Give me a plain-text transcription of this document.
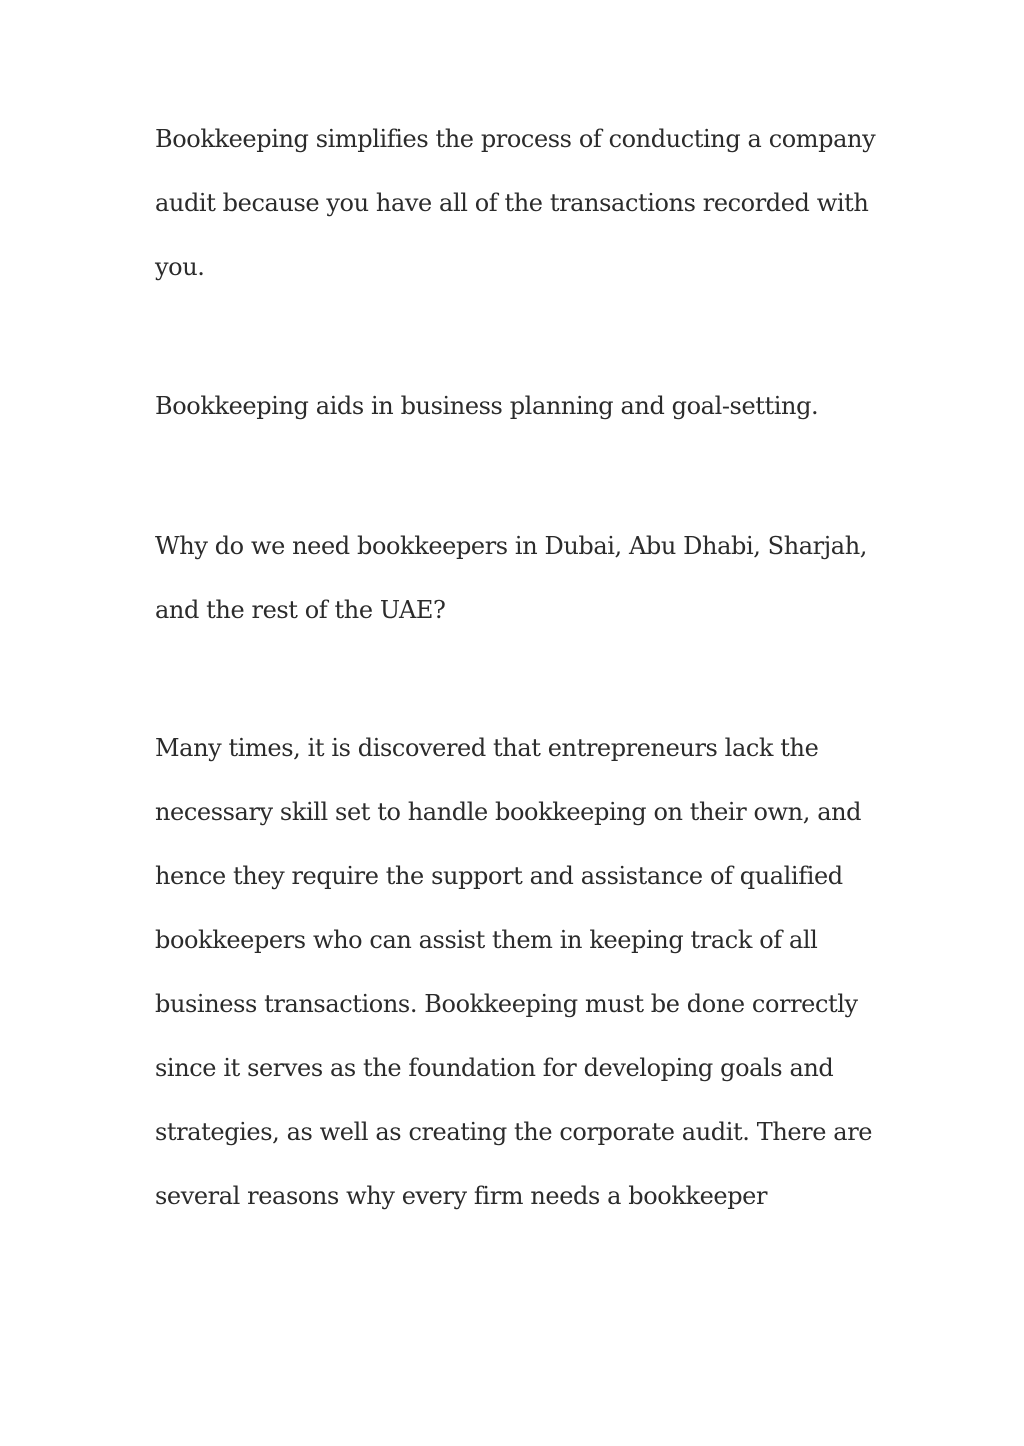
Bookkeeping simplifies the process of conducting a company
audit because you have all of the transactions recorded with
you.
Bookkeeping aids in business planning and goal-setting.
Why do we need bookkeepers in Dubai, Abu Dhabi, Sharjah,
and the rest of the UAE?
Many times, it is discovered that entrepreneurs lack the
necessary skill set to handle bookkeeping on their own, and
hence they require the support and assistance of qualified
bookkeepers who can assist them in keeping track of all
business transactions. Bookkeeping must be done correctly
since it serves as the foundation for developing goals and
strategies, as well as creating the corporate audit. There are
several reasons why every firm needs a bookkeeper
